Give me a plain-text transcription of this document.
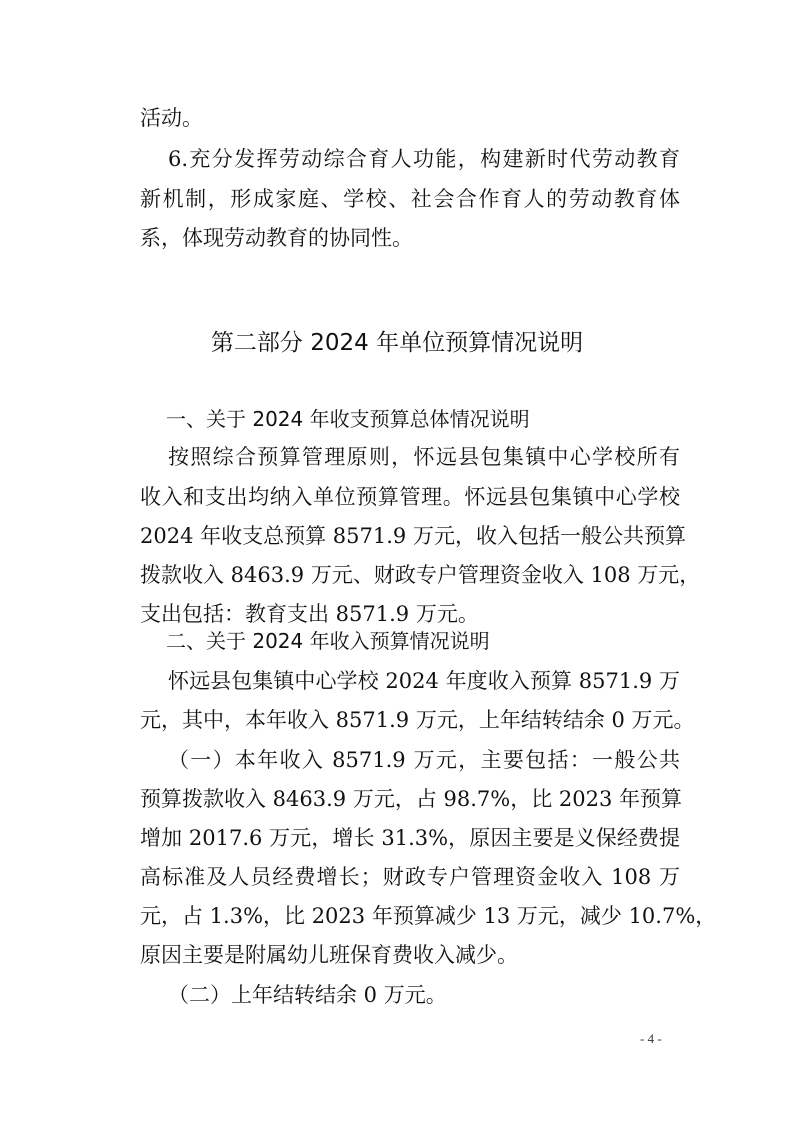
活动。
6.充分发挥劳动综合育人功能，构建新时代劳动教育
新机制，形成家庭、学校、社会合作育人的劳动教育体
系，体现劳动教育的协同性。
第二部分 2024 年单位预算情况说明
一、关于 2024 年收支预算总体情况说明
按照综合预算管理原则，怀远县包集镇中心学校所有
收入和支出均纳入单位预算管理。怀远县包集镇中心学校
2024 年收支总预算 8571.9 万元，收入包括一般公共预算
拨款收入 8463.9 万元、财政专户管理资金收入 108 万元，
支出包括：教育支出 8571.9 万元。
二、关于 2024 年收入预算情况说明
怀远县包集镇中心学校 2024 年度收入预算 8571.9 万
元，其中，本年收入 8571.9 万元，上年结转结余 0 万元。
（一）本年收入 8571.9 万元，主要包括：一般公共
预算拨款收入 8463.9 万元，占 98.7%，比 2023 年预算
增加 2017.6 万元，增长 31.3%，原因主要是义保经费提
高标准及人员经费增长；财政专户管理资金收入 108 万
元，占 1.3%，比 2023 年预算减少 13 万元，减少 10.7%，
原因主要是附属幼儿班保育费收入减少。
（二）上年结转结余 0 万元。
- 4 -
